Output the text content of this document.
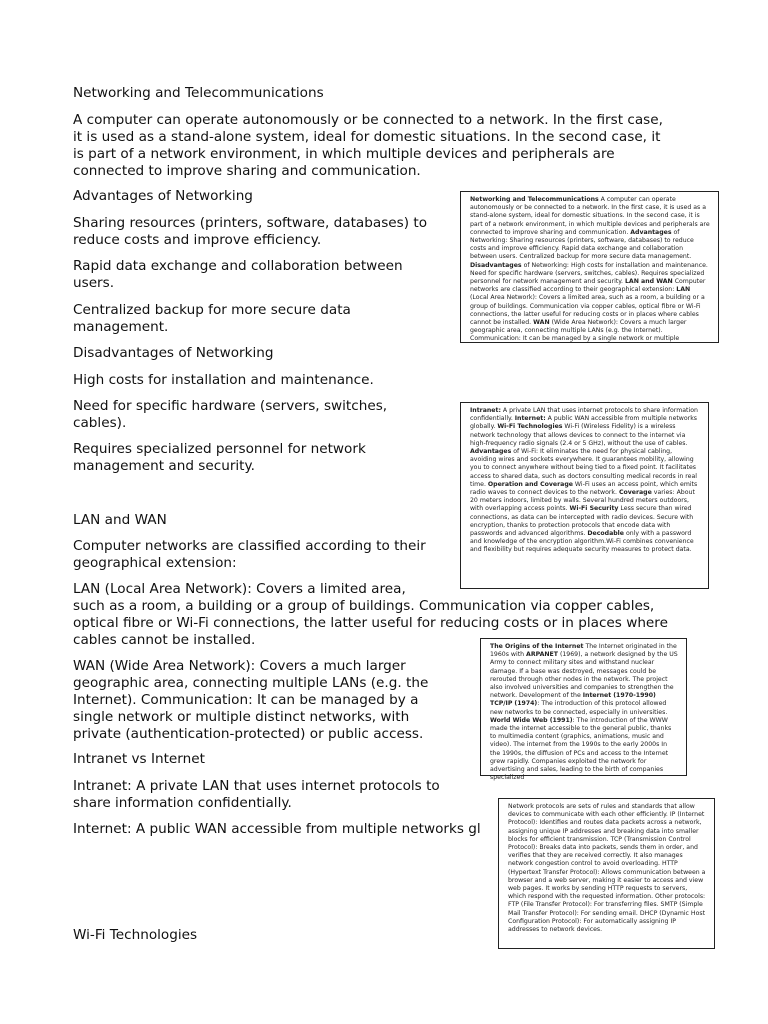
Networking and Telecommunications

A computer can operate autonomously or be connected to a network. In the first case,
it is used as a stand-alone system, ideal for domestic situations. In the second case, it
is part of a network environment, in which multiple devices and peripherals are
connected to improve sharing and communication.

Advantages of Networking

Sharing resources (printers, software, databases) to
reduce costs and improve efficiency.

Rapid data exchange and collaboration between
users.

Centralized backup for more secure data
management.

Disadvantages of Networking

High costs for installation and maintenance.

Need for specific hardware (servers, switches,
cables).

Requires specialized personnel for network
management and security.

LAN and WAN

Computer networks are classified according to their
geographical extension:

LAN (Local Area Network): Covers a limited area,
such as a room, a building or a group of buildings. Communication via copper cables,
optical fibre or Wi-Fi connections, the latter useful for reducing costs or in places where
cables cannot be installed.

WAN (Wide Area Network): Covers a much larger
geographic area, connecting multiple LANs (e.g. the
Internet). Communication: It can be managed by a
single network or multiple distinct networks, with
private (authentication-protected) or public access.

Intranet vs Internet

Intranet: A private LAN that uses internet protocols to
share information confidentially.

Internet: A public WAN accessible from multiple networks gl

Wi-Fi Technologies

Networking and Telecommunications A computer can operate autonomously or be connected to a network. In the first case, it is used as a stand-alone system, ideal for domestic situations. In the second case, it is part of a network environment, in which multiple devices and peripherals are connected to improve sharing and communication. Advantages of Networking: Sharing resources (printers, software, databases) to reduce costs and improve efficiency. Rapid data exchange and collaboration between users. Centralized backup for more secure data management. Disadvantages of Networking: High costs for installation and maintenance. Need for specific hardware (servers, switches, cables). Requires specialized personnel for network management and security. LAN and WAN Computer networks are classified according to their geographical extension: LAN (Local Area Network): Covers a limited area, such as a room, a building or a group of buildings. Communication via copper cables, optical fibre or Wi-Fi connections, the latter useful for reducing costs or in places where cables cannot be installed. WAN (Wide Area Network): Covers a much larger geographic area, connecting multiple LANs (e.g. the Internet). Communication: It can be managed by a single network or multiple
Intranet: A private LAN that uses internet protocols to share information confidentially. Internet: A public WAN accessible from multiple networks globally. Wi-Fi Technologies Wi-Fi (Wireless Fidelity) is a wireless network technology that allows devices to connect to the internet via high-frequency radio signals (2.4 or 5 GHz), without the use of cables. Advantages of Wi-Fi: It eliminates the need for physical cabling, avoiding wires and sockets everywhere. It guarantees mobility, allowing you to connect anywhere without being tied to a fixed point. It facilitates access to shared data, such as doctors consulting medical records in real time. Operation and Coverage Wi-Fi uses an access point, which emits radio waves to connect devices to the network. Coverage varies: About 20 meters indoors, limited by walls. Several hundred meters outdoors, with overlapping access points. Wi-Fi Security Less secure than wired connections, as data can be intercepted with radio devices. Secure with encryption, thanks to protection protocols that encode data with passwords and advanced algorithms. Decodable only with a password and knowledge of the encryption algorithm.Wi-Fi combines convenience and flexibility but requires adequate security measures to protect data.
The Origins of the Internet The Internet originated in the 1960s with ARPANET (1969), a network designed by the US Army to connect military sites and withstand nuclear damage. If a base was destroyed, messages could be rerouted through other nodes in the network. The project also involved universities and companies to strengthen the network. Development of the Internet (1970-1990) TCP/IP (1974): The introduction of this protocol allowed new networks to be connected, especially in universities. World Wide Web (1991): The introduction of the WWW made the internet accessible to the general public, thanks to multimedia content (graphics, animations, music and video). The internet from the 1990s to the early 2000s In the 1990s, the diffusion of PCs and access to the Internet grew rapidly. Companies exploited the network for advertising and sales, leading to the birth of companies specialized
Network protocols are sets of rules and standards that allow devices to communicate with each other efficiently. IP (Internet Protocol): Identifies and routes data packets across a network, assigning unique IP addresses and breaking data into smaller blocks for efficient transmission. TCP (Transmission Control Protocol): Breaks data into packets, sends them in order, and verifies that they are received correctly. It also manages network congestion control to avoid overloading. HTTP (Hypertext Transfer Protocol): Allows communication between a browser and a web server, making it easier to access and view web pages. It works by sending HTTP requests to servers, which respond with the requested information. Other protocols: FTP (File Transfer Protocol): For transferring files. SMTP (Simple Mail Transfer Protocol): For sending email. DHCP (Dynamic Host Configuration Protocol): For automatically assigning IP addresses to network devices.
